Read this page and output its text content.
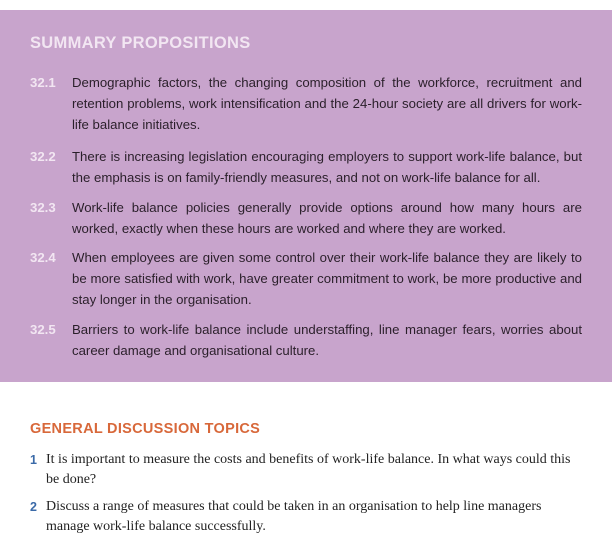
SUMMARY PROPOSITIONS
32.1	Demographic factors, the changing composition of the workforce, recruitment and retention problems, work intensification and the 24-hour society are all drivers for work-life balance initiatives.
32.2	There is increasing legislation encouraging employers to support work-life balance, but the emphasis is on family-friendly measures, and not on work-life balance for all.
32.3	Work-life balance policies generally provide options around how many hours are worked, exactly when these hours are worked and where they are worked.
32.4	When employees are given some control over their work-life balance they are likely to be more satisfied with work, have greater commitment to work, be more productive and stay longer in the organisation.
32.5	Barriers to work-life balance include understaffing, line manager fears, worries about career damage and organisational culture.
GENERAL DISCUSSION TOPICS
1 It is important to measure the costs and benefits of work-life balance. In what ways could this be done?
2 Discuss a range of measures that could be taken in an organisation to help line managers manage work-life balance successfully.
